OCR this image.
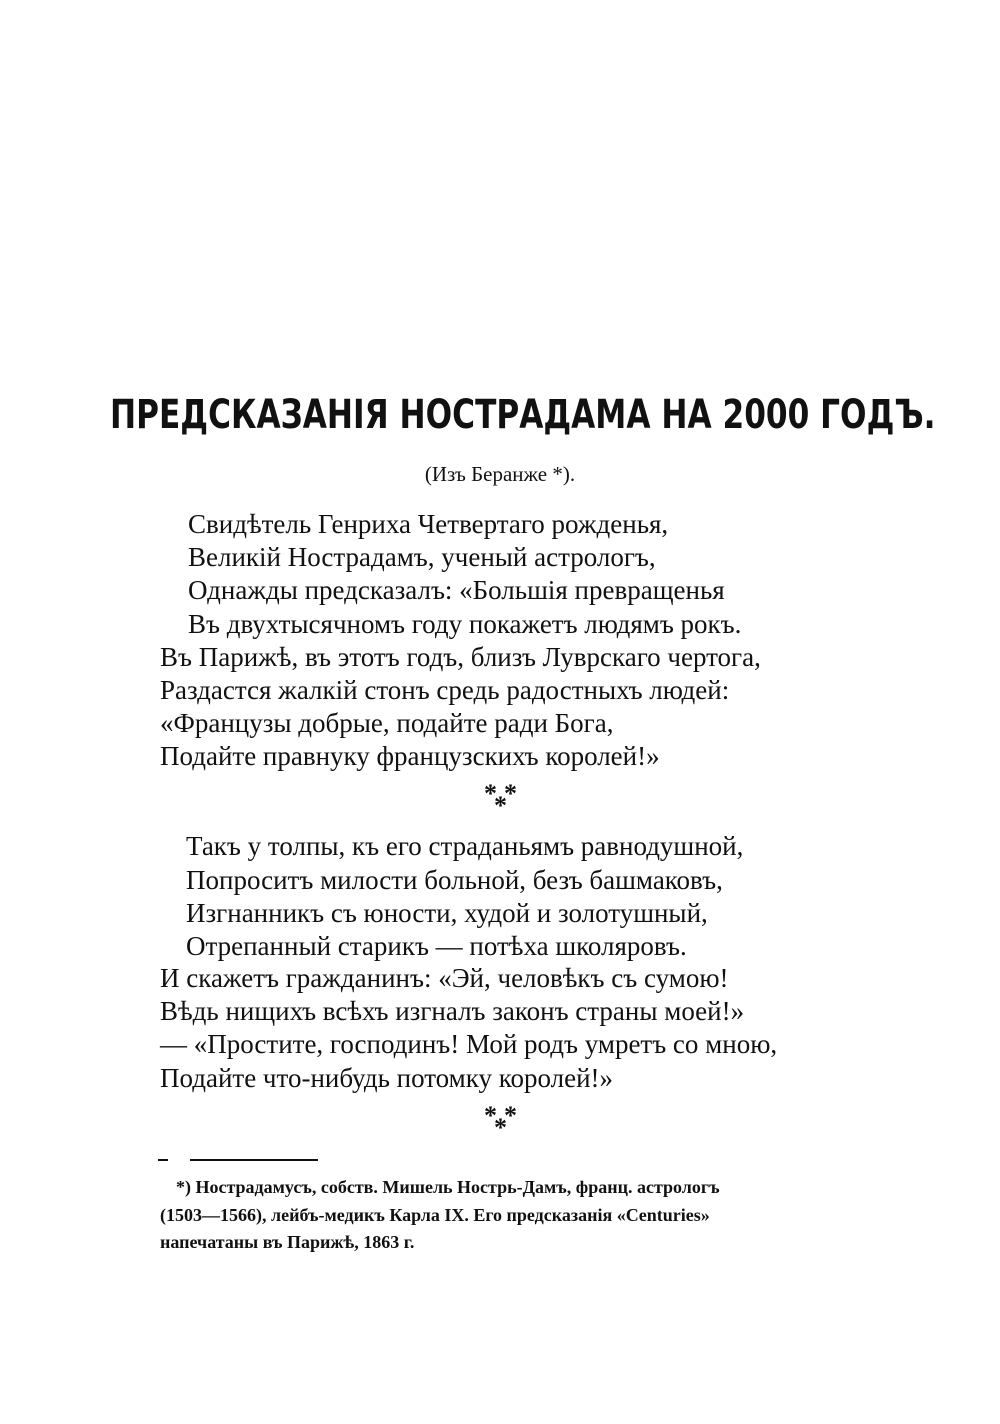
ПРЕДСКАЗАНІЯ НОСТРАДАМА НА 2000 ГОДЪ.
(Изъ Беранже *).
Свидѣтель Генриха Четвертаго рожденья,
Великій Нострадамъ, ученый астрологъ,
Однажды предсказалъ: «Большія превращенья
Въ двухтысячномъ году покажетъ людямъ рокъ.
Въ Парижѣ, въ этотъ годъ, близъ Луврскаго чертога,
Раздастся жалкій стонъ средь радостныхъ людей:
«Французы добрые, подайте ради Бога,
Подайте правнуку французскихъ королей!»
* *
*
Такъ у толпы, къ его страданьямъ равнодушной,
Попроситъ милости больной, безъ башмаковъ,
Изгнанникъ съ юности, худой и золотушный,
Отрепанный старикъ — потѣха школяровъ.
И скажетъ гражданинъ: «Эй, человѣкъ съ сумою!
Вѣдь нищихъ всѣхъ изгналъ законъ страны моей!»
— «Простите, господинъ! Мой родъ умретъ со мною,
Подайте что-нибудь потомку королей!»
* *
*
*) Нострадамусъ, собств. Мишель Нострь-Дамъ, франц. астрологъ
(1503—1566), лейбъ-медикъ Карла IX. Его предсказанія «Centuries»
напечатаны въ Парижѣ, 1863 г.
